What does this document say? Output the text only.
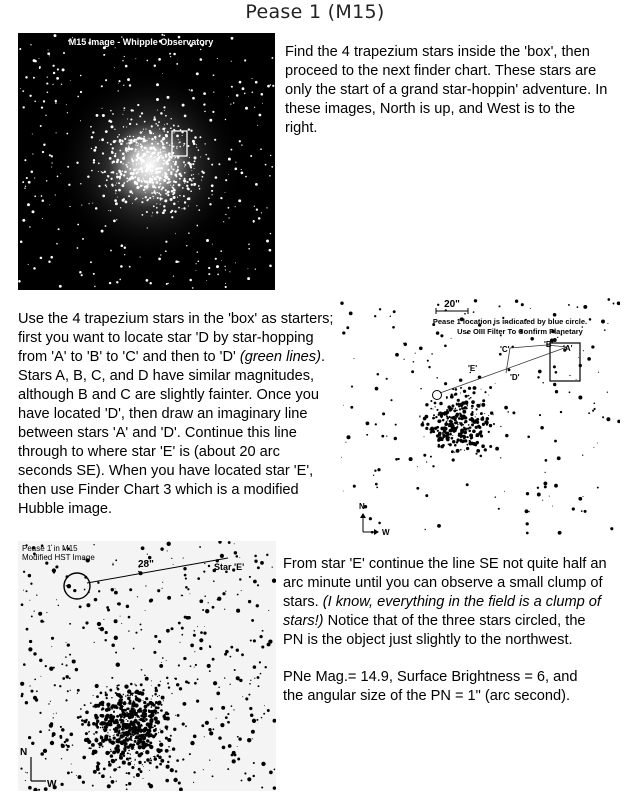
Pease 1 (M15)
M15 Image - Whipple Observatory

Find the 4 trapezium stars inside the 'box', then proceed to the next finder chart. These stars are only the start of a grand star-hoppin' adventure. In these images, North is up, and West is to the right.

Use the 4 trapezium stars in the 'box' as starters; first you want to locate star 'D by star-hopping from 'A' to 'B' to 'C' and then to 'D' (green lines). Stars A, B, C, and D have similar magnitudes, although B and C are slightly fainter. Once you have located 'D', then draw an imaginary line between stars 'A' and 'D'. Continue this line through to where star 'E' is (about 20 arc seconds SE). When you have located star 'E', then use Finder Chart 3 which is a modified Hubble image.

20"
Pease 1 location is indicated by blue circle.
Use OIII Filter To Confirm Planetary
'A'
'B'
'C'
'D'
'E'
N
W
Pease 1 in M15
Modified HST Image
28"	Star 'E'
N
W

From star 'E' continue the line SE not quite half an arc minute until you can observe a small clump of stars. (I know, everything in the field is a clump of stars!) Notice that of the three stars circled, the PN is the object just slightly to the northwest.

PNe Mag.= 14.9, Surface Brightness = 6, and the angular size of the PN = 1" (arc second).
